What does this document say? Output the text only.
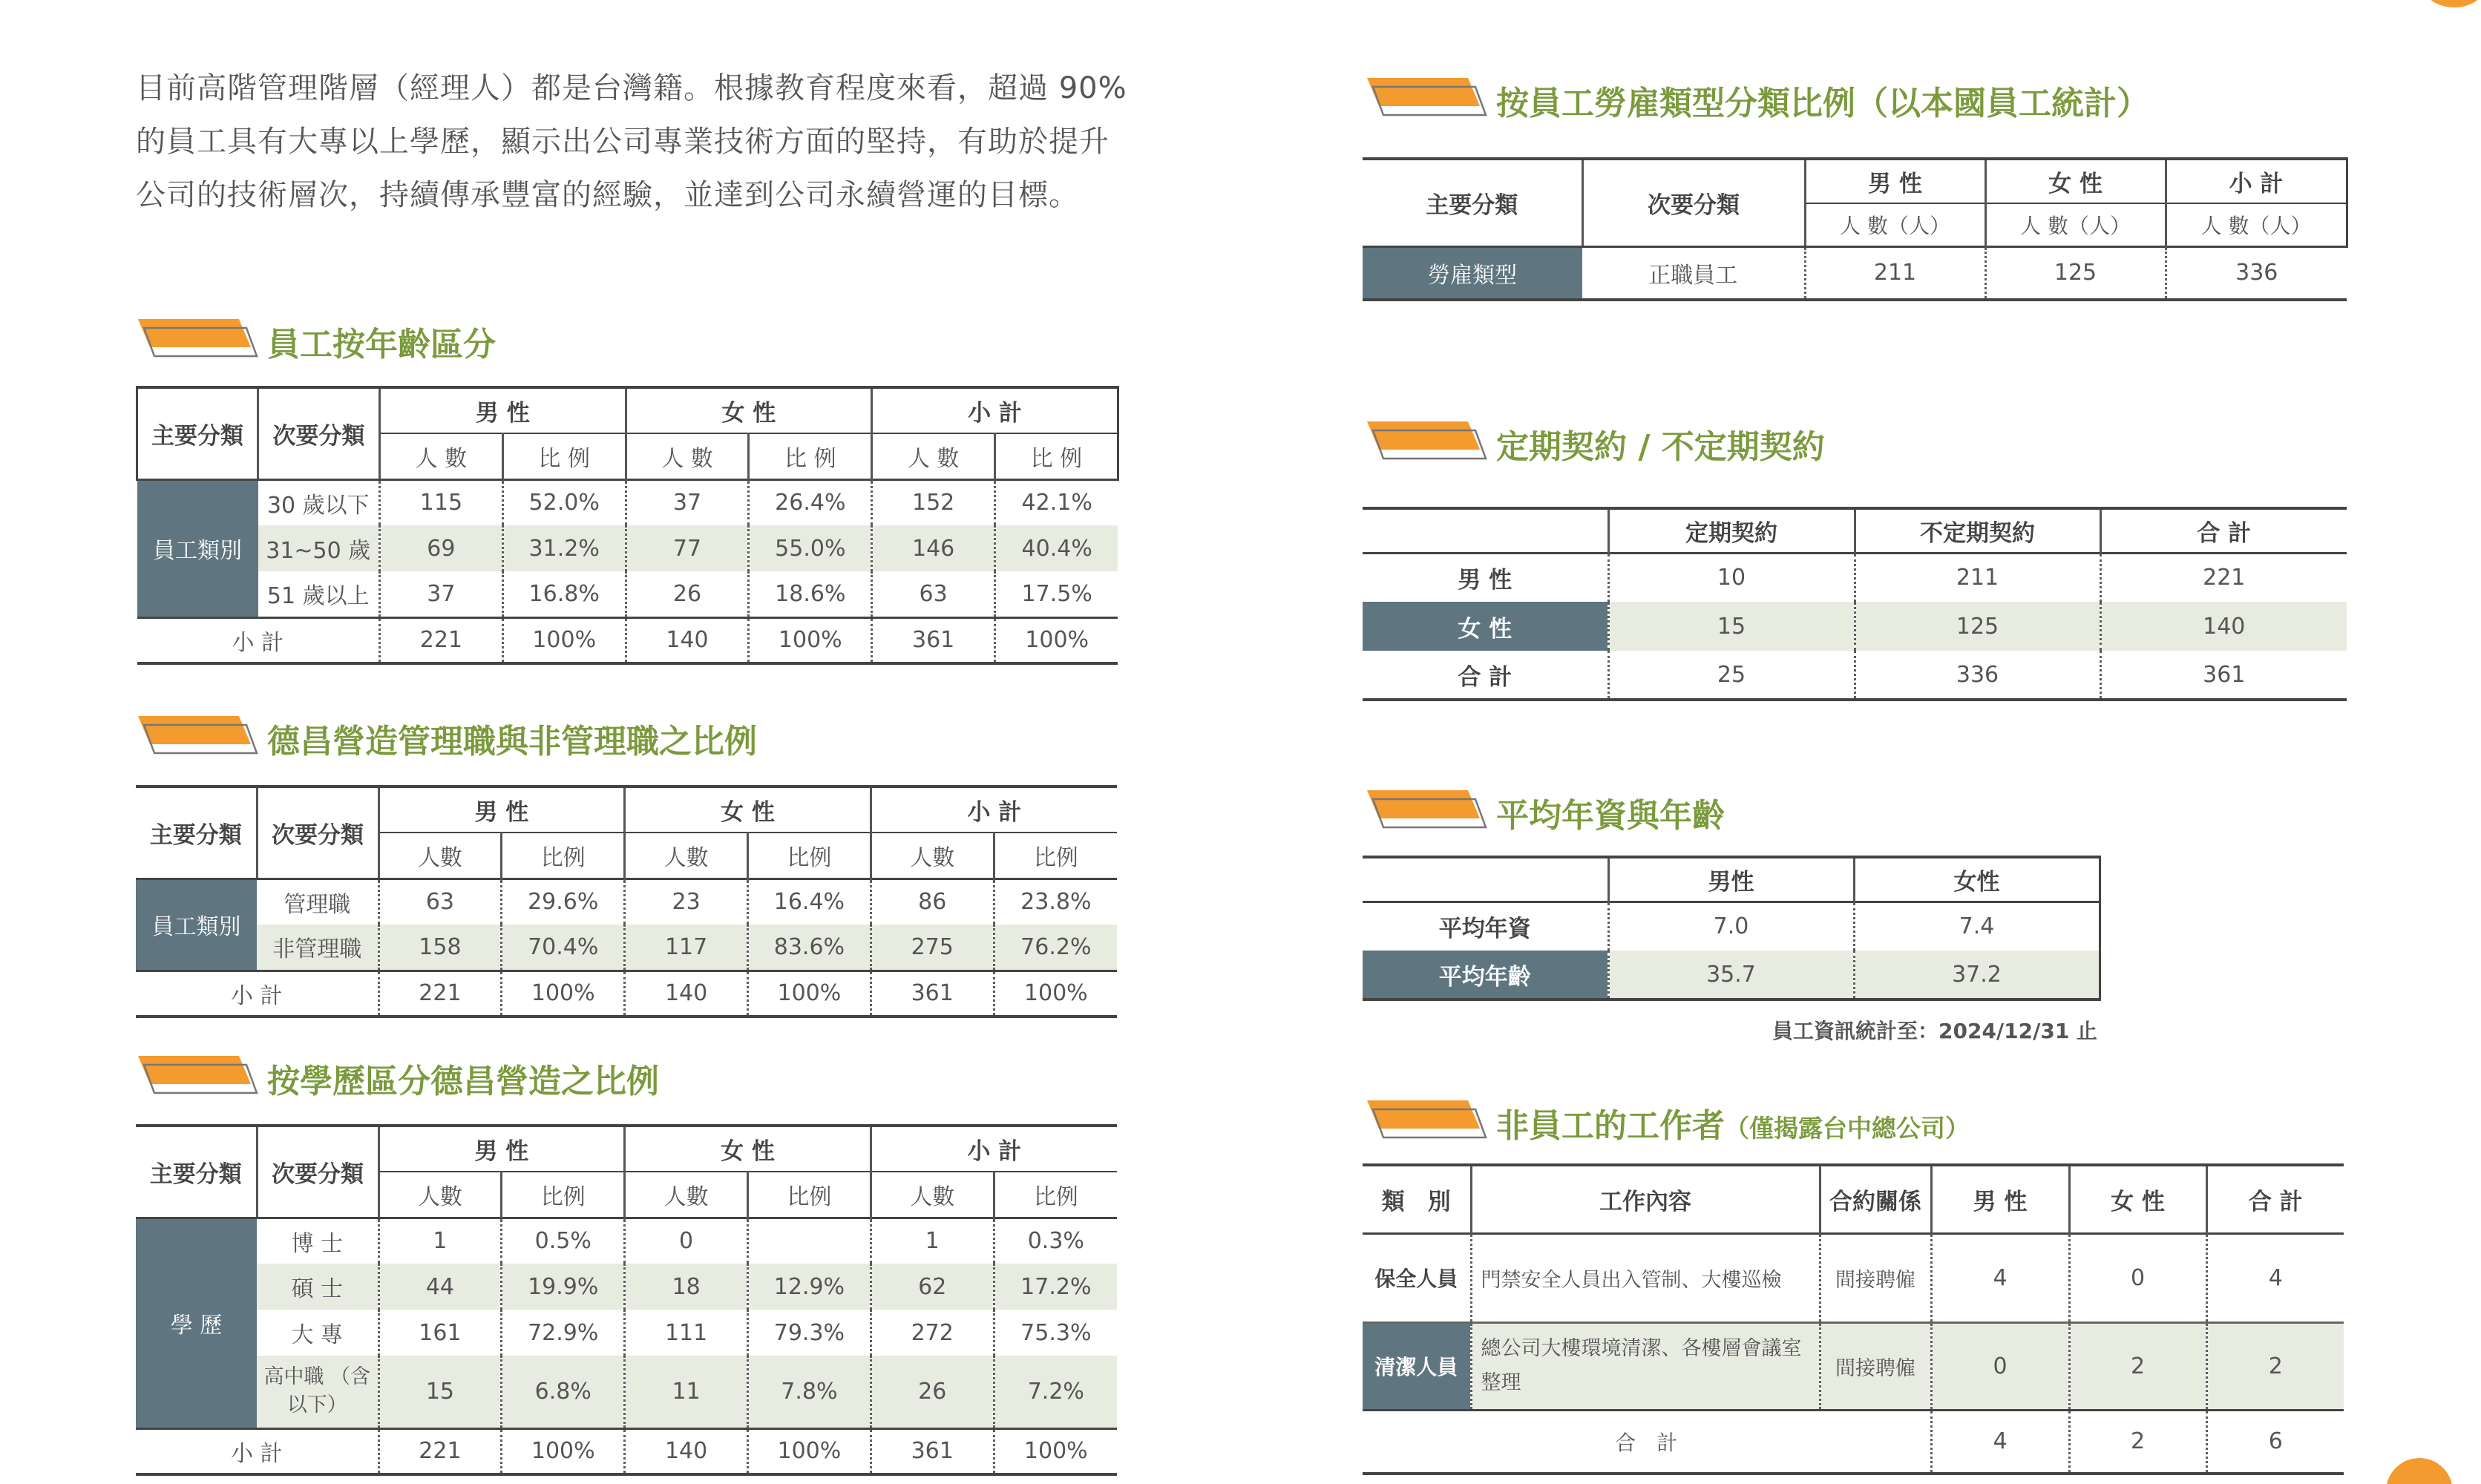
目前高階管理階層（經理人）都是台灣籍。根據教育程度來看，超過 90% 的員工具有大專以上學歷，顯示出公司專業技術方面的堅持，有助於提升公司的技術層次，持續傳承豐富的經驗，並達到公司永續營運的目標。
員工按年齡區分
主要分類	次要分類	男 性		女 性		小 計	
		人 數	比 例	人 數	比 例	人 數	比 例
員工類別	30 歲以下	115	52.0%	37	26.4%	152	42.1%
	31~50 歲	69	31.2%	77	55.0%	146	40.4%
	51 歲以上	37	16.8%	26	18.6%	63	17.5%
小 計		221	100%	140	100%	361	100%
德昌營造管理職與非管理職之比例
主要分類	次要分類	男 性		女 性		小 計	
		人數	比例	人數	比例	人數	比例
員工類別	管理職	63	29.6%	23	16.4%	86	23.8%
	非管理職	158	70.4%	117	83.6%	275	76.2%
小 計		221	100%	140	100%	361	100%
按學歷區分德昌營造之比例
主要分類	次要分類	男 性		女 性		小 計	
		人數	比例	人數	比例	人數	比例
學 歷	博 士	1	0.5%	0		1	0.3%
	碩 士	44	19.9%	18	12.9%	62	17.2%
	大 專	161	72.9%	111	79.3%	272	75.3%
	高中職 （含以下）	15	6.8%	11	7.8%	26	7.2%
小 計		221	100%	140	100%	361	100%
按員工勞雇類型分類比例（以本國員工統計）
主要分類	次要分類	男 性	女 性	小 計
		人 數（人）	人 數（人）	人 數（人）
勞雇類型	正職員工	211	125	336
定期契約 / 不定期契約
	定期契約	不定期契約	合 計
男 性	10	211	221
女 性	15	125	140
合 計	25	336	361
平均年資與年齡
	男性	女性
平均年資	7.0	7.4
平均年齡	35.7	37.2
員工資訊統計至：2024/12/31 止
非員工的工作者（僅揭露台中總公司）
類　別	工作內容	合約關係	男 性	女 性	合 計
保全人員	門禁安全人員出入管制、大樓巡檢	間接聘僱	4	0	4
清潔人員	總公司大樓環境清潔、各樓層會議室整理	間接聘僱	0	2	2
合　計			4	2	6
